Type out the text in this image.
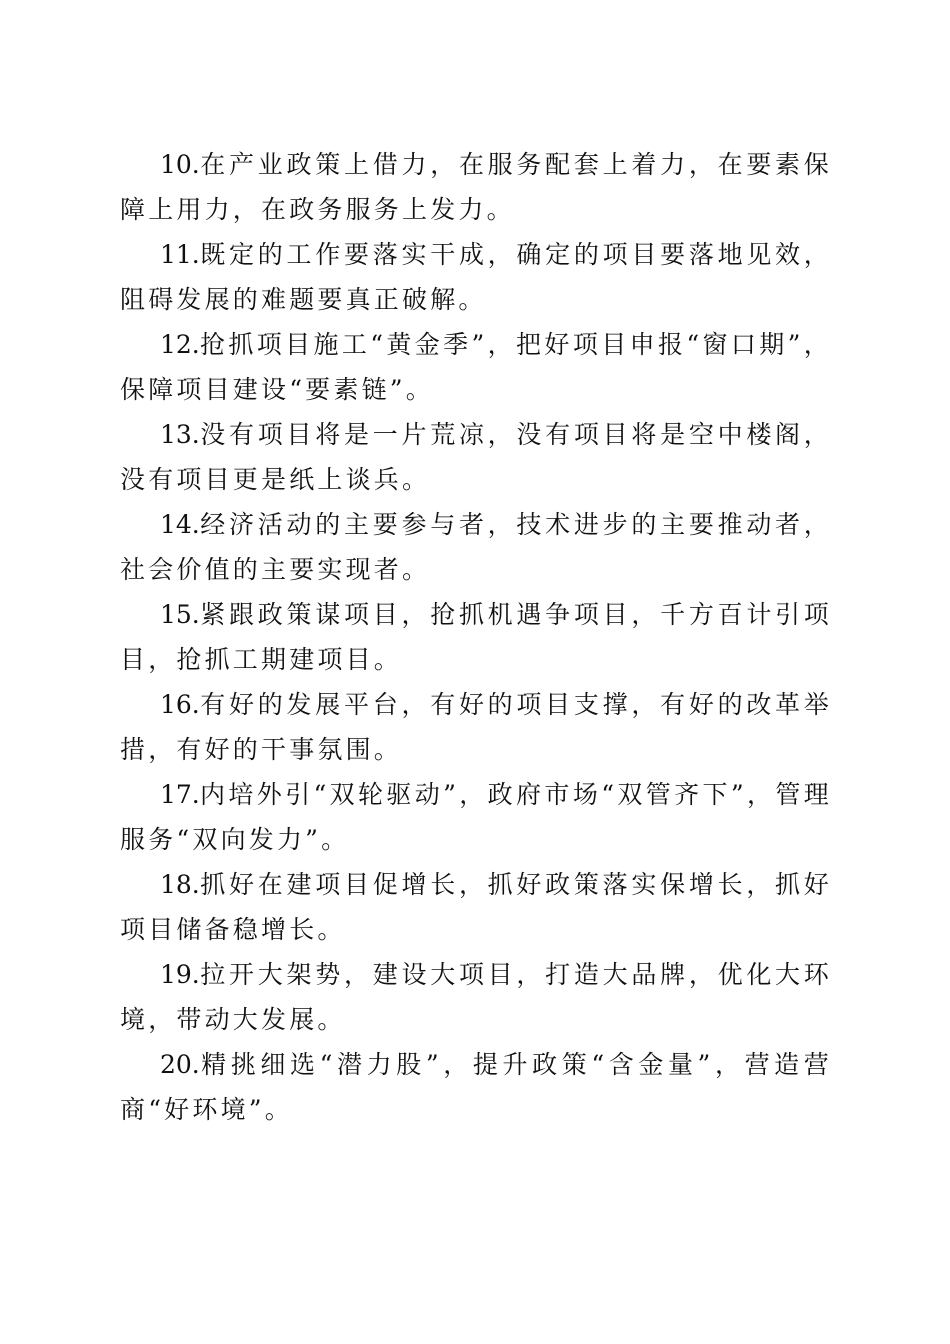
10.在产业政策上借力，在服务配套上着力，在要素保障上用力，在政务服务上发力。

11.既定的工作要落实干成，确定的项目要落地见效，阻碍发展的难题要真正破解。

12.抢抓项目施工“黄金季”，把好项目申报“窗口期”，保障项目建设“要素链”。

13.没有项目将是一片荒凉，没有项目将是空中楼阁，没有项目更是纸上谈兵。

14.经济活动的主要参与者，技术进步的主要推动者，社会价值的主要实现者。

15.紧跟政策谋项目，抢抓机遇争项目，千方百计引项目，抢抓工期建项目。

16.有好的发展平台，有好的项目支撑，有好的改革举措，有好的干事氛围。

17.内培外引“双轮驱动”，政府市场“双管齐下”，管理服务“双向发力”。

18.抓好在建项目促增长，抓好政策落实保增长，抓好项目储备稳增长。

19.拉开大架势，建设大项目，打造大品牌，优化大环境，带动大发展。

20.精挑细选“潜力股”，提升政策“含金量”，营造营商“好环境”。
